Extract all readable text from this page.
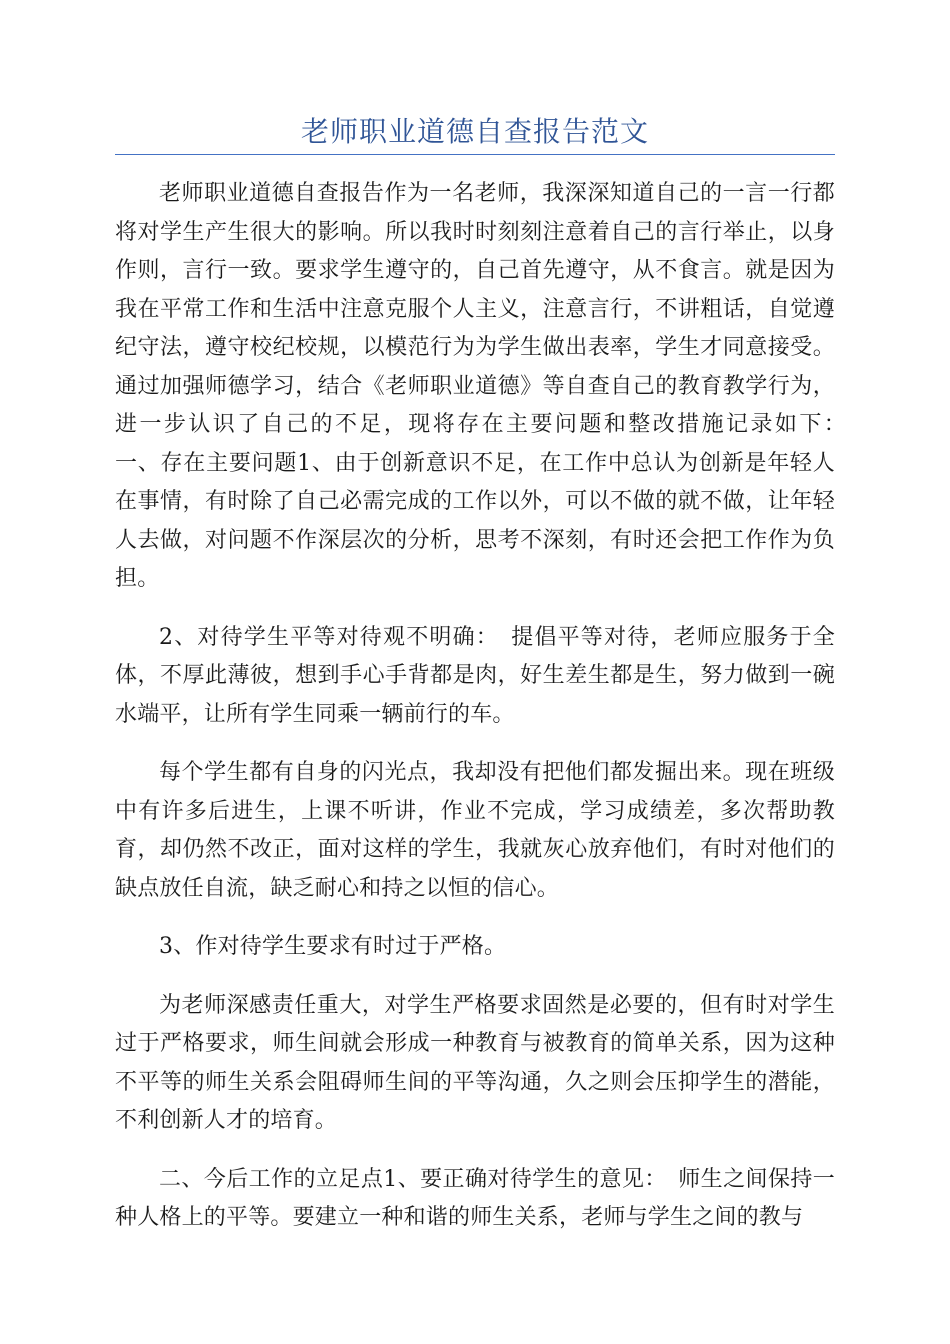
老师职业道德自查报告范文

老师职业道德自查报告作为一名老师，我深深知道自己的一言一行都将对学生产生很大的影响。所以我时时刻刻注意着自己的言行举止，以身作则，言行一致。要求学生遵守的，自己首先遵守，从不食言。就是因为我在平常工作和生活中注意克服个人主义，注意言行，不讲粗话，自觉遵纪守法，遵守校纪校规，以模范行为为学生做出表率，学生才同意接受。通过加强师德学习，结合《老师职业道德》等自查自己的教育教学行为，进一步认识了自己的不足，现将存在主要问题和整改措施记录如下：　一、存在主要问题1、由于创新意识不足，在工作中总认为创新是年轻人在事情，有时除了自己必需完成的工作以外，可以不做的就不做，让年轻人去做，对问题不作深层次的分析，思考不深刻，有时还会把工作作为负担。

2、对待学生平等对待观不明确：　提倡平等对待，老师应服务于全体，不厚此薄彼，想到手心手背都是肉，好生差生都是生，努力做到一碗水端平，让所有学生同乘一辆前行的车。

每个学生都有自身的闪光点，我却没有把他们都发掘出来。现在班级中有许多后进生，上课不听讲，作业不完成，学习成绩差，多次帮助教育，却仍然不改正，面对这样的学生，我就灰心放弃他们，有时对他们的缺点放任自流，缺乏耐心和持之以恒的信心。

3、作对待学生要求有时过于严格。

为老师深感责任重大，对学生严格要求固然是必要的，但有时对学生过于严格要求，师生间就会形成一种教育与被教育的简单关系，因为这种不平等的师生关系会阻碍师生间的平等沟通，久之则会压抑学生的潜能，不利创新人才的培育。

二、今后工作的立足点1、要正确对待学生的意见：　师生之间保持一种人格上的平等。要建立一种和谐的师生关系，老师与学生之间的教与
